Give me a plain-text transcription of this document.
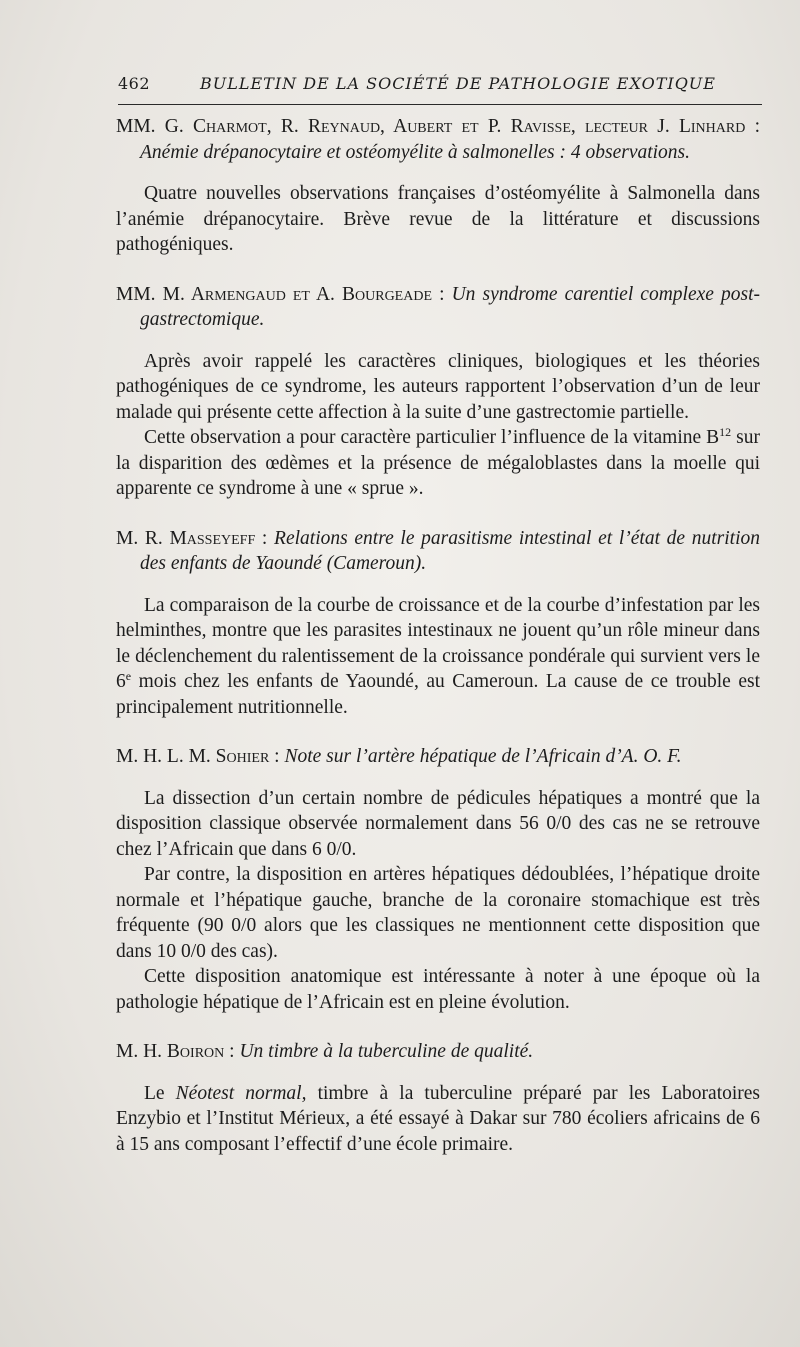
462	BULLETIN DE LA SOCIÉTÉ DE PATHOLOGIE EXOTIQUE

MM. G. Charmot, R. Reynaud, Aubert et P. Ravisse, lecteur J. Linhard : Anémie drépanocytaire et ostéomyélite à salmonelles : 4 observations.

Quatre nouvelles observations françaises d’ostéomyélite à Salmonella dans l’anémie drépanocytaire. Brève revue de la littérature et discussions pathogéniques.

MM. M. Armengaud et A. Bourgeade : Un syndrome carentiel complexe post-gastrectomique.

Après avoir rappelé les caractères cliniques, biologiques et les théories pathogéniques de ce syndrome, les auteurs rapportent l’observation d’un de leur malade qui présente cette affection à la suite d’une gastrectomie partielle.

Cette observation a pour caractère particulier l’influence de la vitamine $B^{12}$ sur la disparition des œdèmes et la présence de mégaloblastes dans la moelle qui apparente ce syndrome à une « sprue ».

M. R. Masseyeff : Relations entre le parasitisme intestinal et l’état de nutrition des enfants de Yaoundé (Cameroun).

La comparaison de la courbe de croissance et de la courbe d’infestation par les helminthes, montre que les parasites intestinaux ne jouent qu’un rôle mineur dans le déclenchement du ralentissement de la croissance pondérale qui survient vers le 6e mois chez les enfants de Yaoundé, au Cameroun. La cause de ce trouble est principalement nutritionnelle.

M. H. L. M. Sohier : Note sur l’artère hépatique de l’Africain d’A. O. F.

La dissection d’un certain nombre de pédicules hépatiques a montré que la disposition classique observée normalement dans 56 0/0 des cas ne se retrouve chez l’Africain que dans 6 0/0.

Par contre, la disposition en artères hépatiques dédoublées, l’hépatique droite normale et l’hépatique gauche, branche de la coronaire stomachique est très fréquente (90 0/0 alors que les classiques ne mentionnent cette disposition que dans 10 0/0 des cas).

Cette disposition anatomique est intéressante à noter à une époque où la pathologie hépatique de l’Africain est en pleine évolution.

M. H. Boiron : Un timbre à la tuberculine de qualité.

Le Néotest normal, timbre à la tuberculine préparé par les Laboratoires Enzybio et l’Institut Mérieux, a été essayé à Dakar sur 780 écoliers africains de 6 à 15 ans composant l’effectif d’une école primaire.
